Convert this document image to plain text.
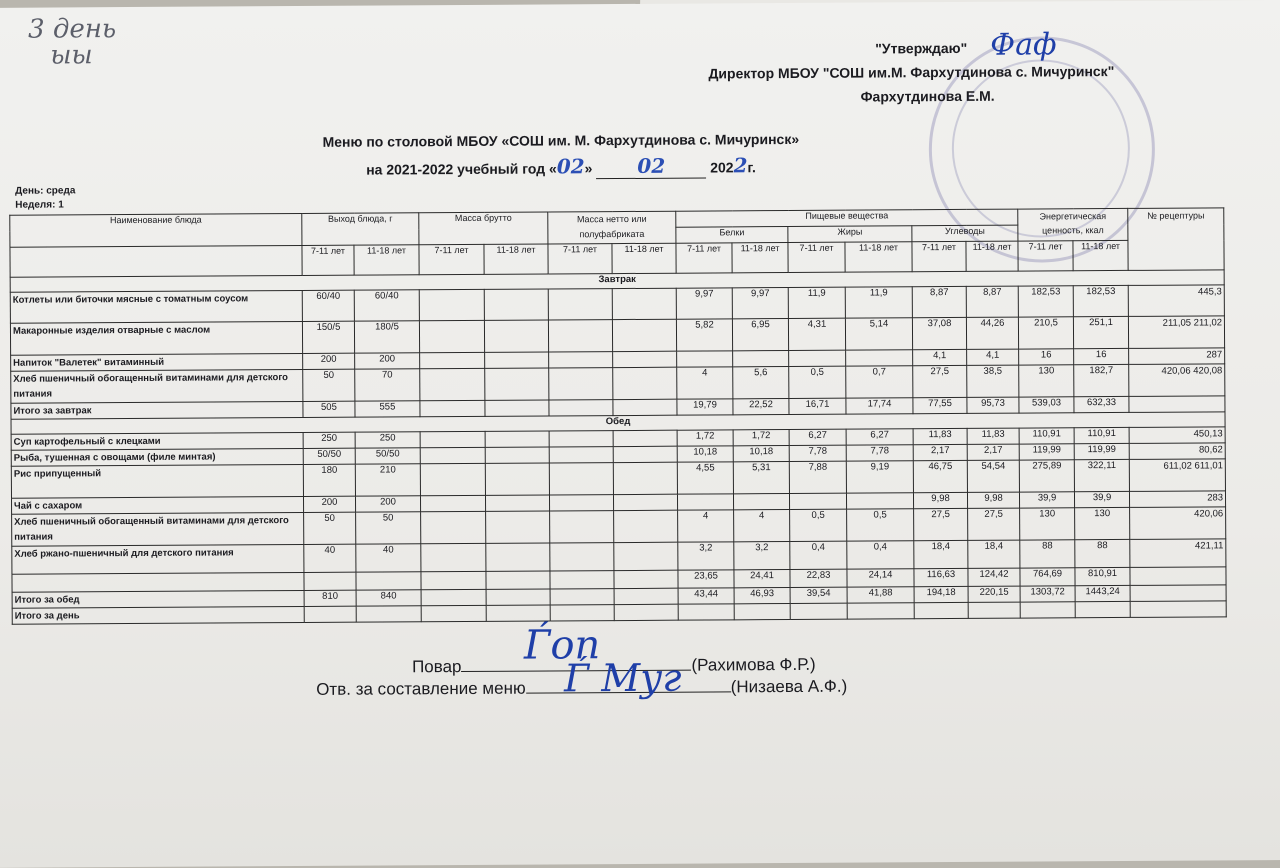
3 день
ыы	"Утверждаю" Фаф
Директор МБОУ "СОШ им.М. Фархутдинова с. Мичуринск"
Фархутдинова Е.М.
Меню по столовой МБОУ «СОШ им. М. Фархутдинова с. Мичуринск»
на 2021-2022 учебный год «02» 02	2022г.
День: среда
Неделя: 1
Наименование блюда	Выход блюда, г		Масса брутто		Масса нетто или полуфабриката		Пищевые вещества						Энергетическая ценность, ккал		№ рецептуры
							Белки		Жиры		Углеводы				
	7-11 лет	11-18 лет	7-11 лет	11-18 лет	7-11 лет	11-18 лет	7-11 лет	11-18 лет	7-11 лет	11-18 лет	7-11 лет	11-18 лет	7-11 лет	11-18 лет	
Завтрак															
Котлеты или биточки мясные с томатным соусом	60/40	60/40					9,97	9,97	11,9	11,9	8,87	8,87	182,53	182,53	445,3
Макаронные изделия отварные с маслом	150/5	180/5					5,82	6,95	4,31	5,14	37,08	44,26	210,5	251,1	211,05 211,02
Напиток "Валетек" витаминный	200	200									4,1	4,1	16	16	287
Хлеб пшеничный обогащенный витаминами для детского питания	50	70					4	5,6	0,5	0,7	27,5	38,5	130	182,7	420,06 420,08
Итого за завтрак	505	555					19,79	22,52	16,71	17,74	77,55	95,73	539,03	632,33	
Обед															
Суп картофельный с клецками	250	250					1,72	1,72	6,27	6,27	11,83	11,83	110,91	110,91	450,13
Рыба, тушенная с овощами (филе минтая)	50/50	50/50					10,18	10,18	7,78	7,78	2,17	2,17	119,99	119,99	80,62
Рис припущенный	180	210					4,55	5,31	7,88	9,19	46,75	54,54	275,89	322,11	611,02 611,01
Чай с сахаром	200	200									9,98	9,98	39,9	39,9	283
Хлеб пшеничный обогащенный витаминами для детского питания	50	50					4	4	0,5	0,5	27,5	27,5	130	130	420,06
Хлеб ржано-пшеничный для детского питания	40	40					3,2	3,2	0,4	0,4	18,4	18,4	88	88	421,11
							23,65	24,41	22,83	24,14	116,63	124,42	764,69	810,91	
Итого за обед	810	840					43,44	46,93	39,54	41,88	194,18	220,15	1303,72	1443,24	
Итого за день															
Повар	(Рахимова Ф.Р.)
Ѓоп
Отв. за составление меню	(Низаева А.Ф.)
Ѓ Муг
